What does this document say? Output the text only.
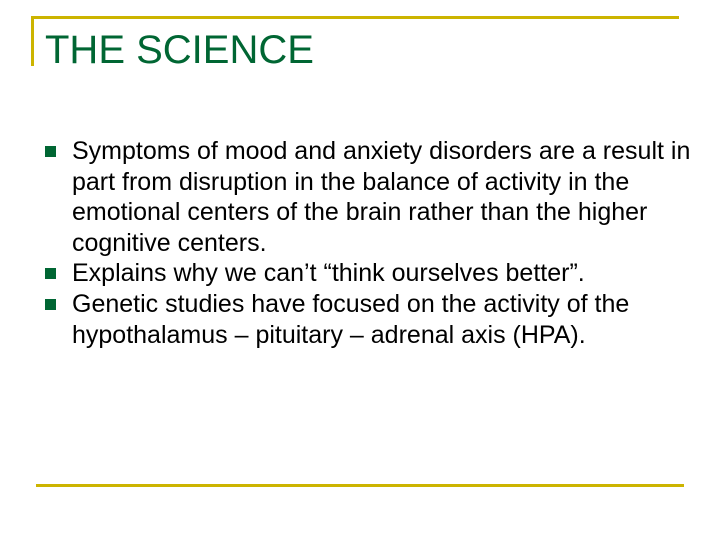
THE SCIENCE
Symptoms of mood and anxiety disorders are a result in part from disruption in the balance of activity in the emotional centers of the brain rather than the higher cognitive centers.
Explains why we can’t “think ourselves better”.
Genetic studies have focused on the activity of the hypothalamus – pituitary – adrenal axis (HPA).
